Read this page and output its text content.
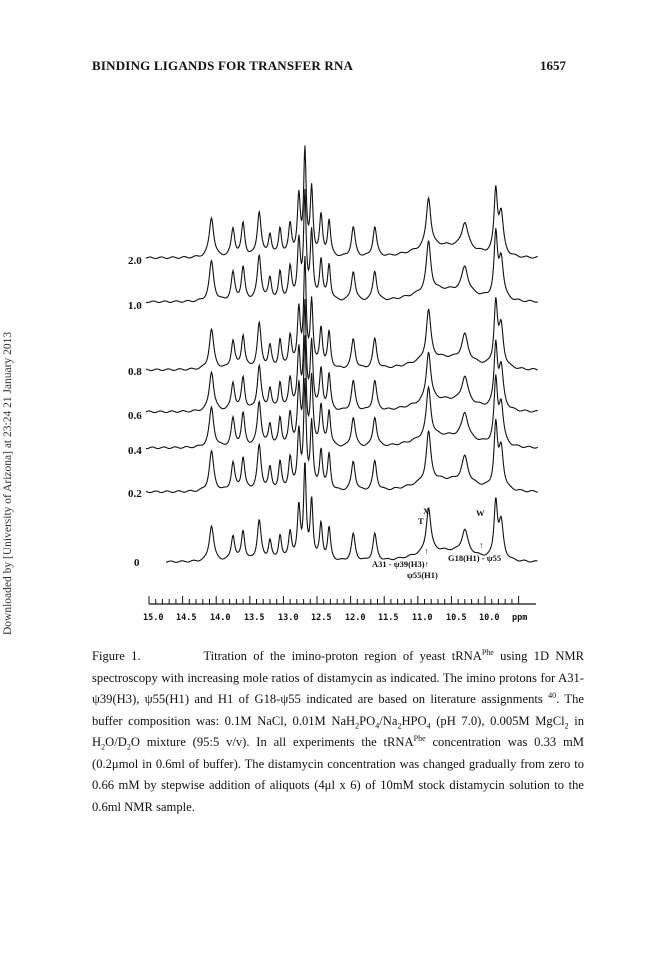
BINDING LIGANDS FOR TRANSFER RNA	1657
Downloaded by [University of Arizona] at 23:24 21 January 2013
2.0
1.0
0.8
0.6
0.4
0.2
0
X
T
W
↑
↑
A31 - ψ39(H3)↑
ψ55(H1)
G18(H1) - ψ55
15.0 14.5 14.0 13.5 13.0 12.5 12.0 11.5 11.0 10.5 10.0 ppm
Figure 1.	Titration of the imino-proton region of yeast tRNA$^{Phe}$ using 1D NMR spectroscopy with increasing mole ratios of distamycin as indicated. The imino protons for A31-ψ39(H3), ψ55(H1) and H1 of G18-ψ55 indicated are based on literature assignments $^{40}$. The buffer composition was: 0.1M NaCl, 0.01M $NaH_2PO_4/Na_2HPO_4$ (pH 7.0), 0.005M MgCl$_2$ in $H_2O/D_2O$ mixture (95:5 v/v). In all experiments the tRNA$^{Phe}$ concentration was 0.33 mM (0.2μmol in 0.6ml of buffer). The distamycin concentration was changed gradually from zero to 0.66 mM by stepwise addition of aliquots (4μl x 6) of 10mM stock distamycin solution to the 0.6ml NMR sample.
